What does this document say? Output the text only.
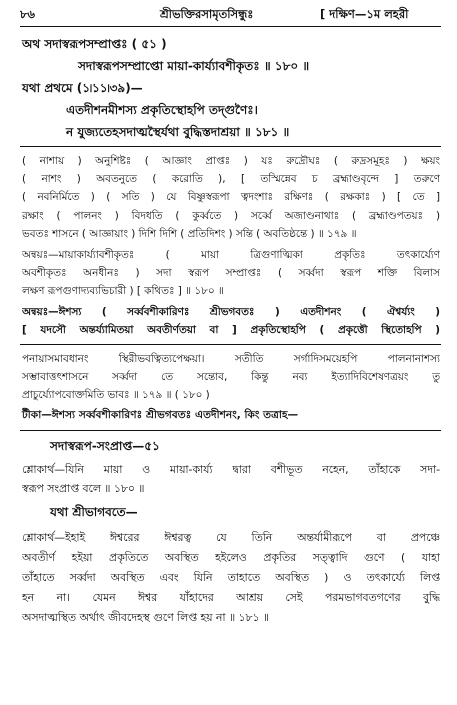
৮৬	শ্রীভক্তিরসামৃতসিন্ধুঃ	[ দক্ষিণ—১ম লহরী
অথ সদাস্বরূপসম্প্রাপ্তঃ ( ৫১ )
সদাস্বরূপসম্প্রাপ্তো মায়া-কার্য্যাবশীকৃতঃ ॥ ১৮০ ॥
যথা প্রথমে (১৷১১৷৩৯)—
এতদীশনমীশস্য প্রকৃতিস্থোহপি তদ্গুণৈঃ।
ন যুজ্যতেহসদাত্মস্থৈর্যথা বুদ্ধিস্তদাশ্রয়া ॥ ১৮১ ॥
( নাশায় ) অনুশিষ্টঃ ( আজ্ঞাং প্রাপ্তঃ ) যঃ রুদ্রৌঘঃ ( রুদ্রসমূহঃ ) ক্ষয়ং
( নাশং ) অবতনুতে ( করোতি ), [ তস্মিন্নেব চ ব্রহ্মাণ্ডবৃন্দে ] তরুণে
( নবনির্মিতে ) ( সতি ) যে বিষ্ণুস্বরূপা ত্বদংশাঃ রক্ষিণঃ ( রক্ষকাঃ ) [ তে ]
রক্ষাং ( পালনং ) বিদধতি ( কুর্ব্বতে ) সর্ব্বে অজাণ্ডনাথাঃ ( ব্রহ্মাণ্ডপতয়ঃ )
ভবতঃ শাসনে ( আজ্ঞায়াং ) দিশি দিশি ( প্রতিদিশং ) সন্তি ( অবতিষ্ঠন্তে ) ॥ ১৭৯ ॥
অন্বয়ঃ—মায়াকার্য্যাবশীকৃতঃ ( মায়া ত্রিগুণাত্মিকা প্রকৃতিঃ তৎকার্য্যেণ
অবশীকৃতঃ অনধীনঃ ) সদা স্বরূপ সম্প্রাপ্তঃ ( সর্ব্বদা স্বরূপ শক্তি বিলাস
লক্ষণ রূপগুণাদ্যব্যভিচারী ) [ কথিতঃ ] ॥ ১৮০ ॥
অন্বয়ঃ—ঈশস্য ( সর্ব্ববশীকারিণঃ শ্রীভগবতঃ ) এতদীশনং ( ঐশ্বর্য্যং )
[ যদসৌ অন্তর্য্যামিতয়া অবতীর্ণতয়া বা ] প্রকৃতিস্থোহপি ( প্রকৃত্তৌ স্থিতোহপি )
পনায়াসমাবধানং স্থিরীভবত্বিত্যপেক্ষয়া। সতীতি সর্গাদিসময়েহপি পালনানাশস্য
সম্ভাবাত্তৎশাসনে সর্ব্বদা তে সন্তোব, কিন্তু নব্য ইত্যাদিবিশেষণত্রয়ং তু
প্রাচুর্য্যোপবোক্তমিতি ভাবঃ ॥ ১৭৯ ॥ ( ১৮০ )
টীকা—ঈশস্য সর্ব্ববশীকারিণঃ শ্রীভগবতঃ এতদীশনং, কিং তত্রাহ—
সদাস্বরূপ-সংপ্রাপ্ত—৫১
শ্লোকার্থ—যিনি মায়া ও মায়া-কার্য্য দ্বারা বশীভূত নহেন, তাঁহাকে সদা-
স্বরূপ সংপ্রাপ্ত বলে ॥ ১৮০ ॥
যথা শ্রীভাগবতে—
শ্লোকার্থ—ইহাই ঈশ্বরের ঈশ্বরত্ব যে তিনি অন্তর্যামীরূপে বা প্রপঞ্চে
অবতীর্ণ হইয়া প্রকৃতিতে অবস্থিত হইলেও প্রকৃতির সত্ত্বাদি গুণে ( যাহা
তাঁহাতে সর্ব্বদা অবস্থিত এবং যিনি তাহাতে অবস্থিত ) ও তৎকার্য্যে লিপ্ত
হন না। যেমন ঈশ্বর যাঁহাদের আশ্রয় সেই পরমভাগবতগণের বুদ্ধি
অসদাত্মস্থিত অর্থাৎ জীবদেহস্থ গুণে লিপ্ত হয় না ॥ ১৮১ ॥
